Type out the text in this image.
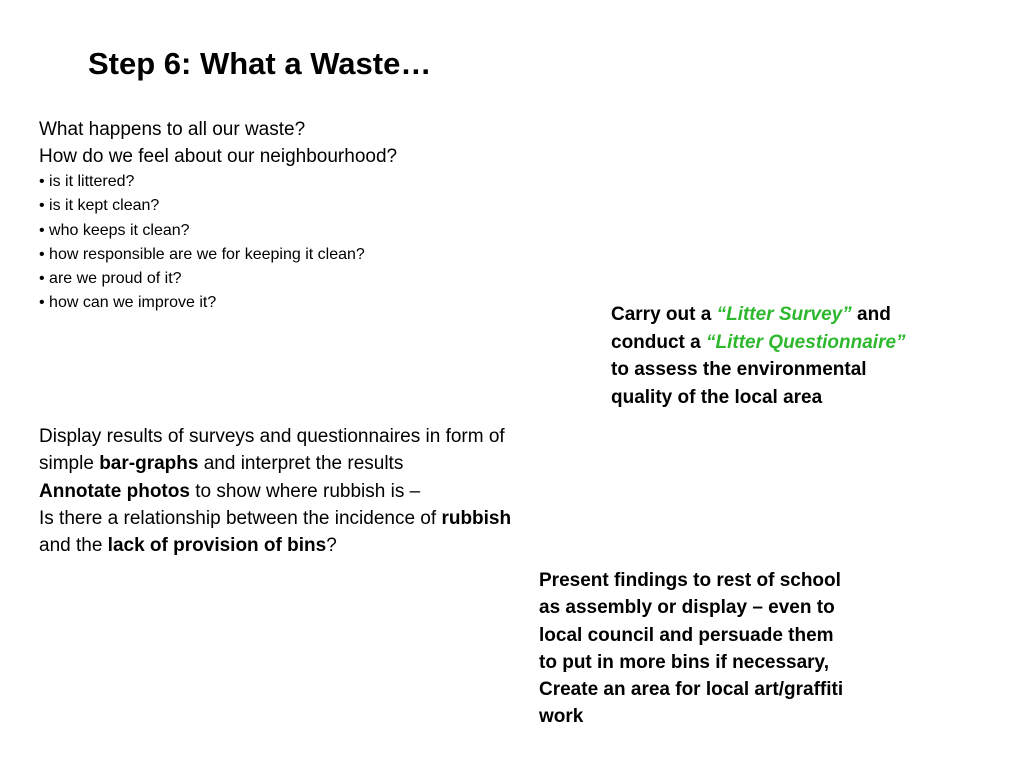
Step 6: What a Waste…
What happens to all our waste?
How do we feel about our neighbourhood?
• is it littered?
• is it kept clean?
• who keeps it clean?
• how responsible are we for keeping it clean?
• are we proud of it?
• how can we improve it?
Carry out a “Litter Survey” and
conduct a “Litter Questionnaire”
to assess the environmental
quality of the local area
Display results of surveys and questionnaires in form of
simple bar-graphs and interpret the results
Annotate photos to show where rubbish is –
Is there a relationship between the incidence of rubbish
and the lack of provision of bins?
Present findings to rest of school
as assembly or display – even to
local council and persuade them
to put in more bins if necessary,
Create an area for local art/graffiti
work
